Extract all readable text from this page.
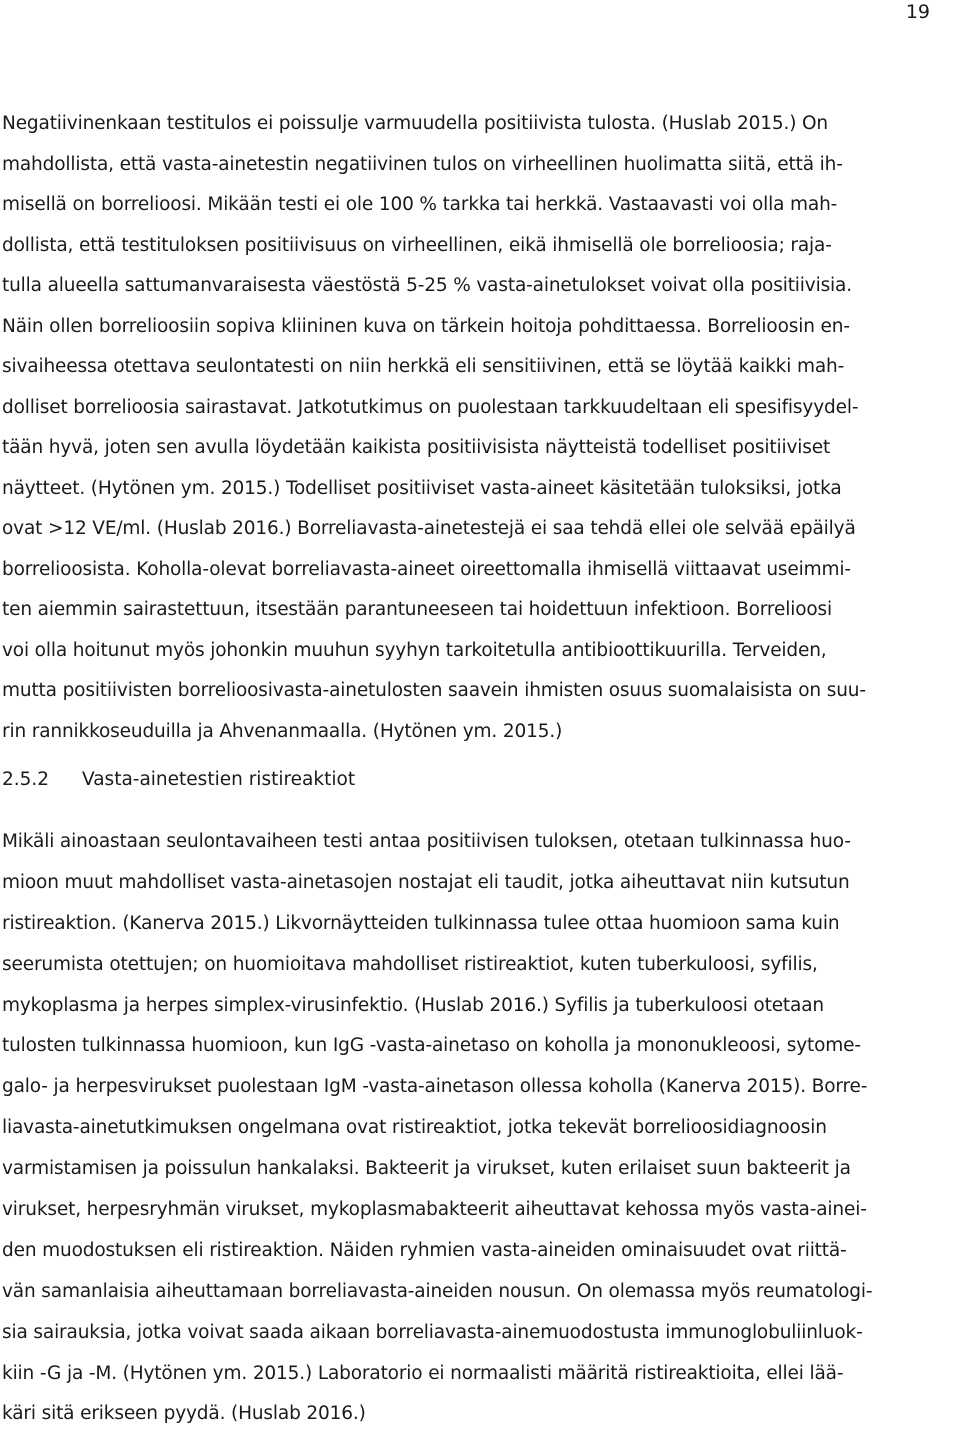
19
Negatiivinenkaan testitulos ei poissulje varmuudella positiivista tulosta. (Huslab 2015.) On
mahdollista, että vasta-ainetestin negatiivinen tulos on virheellinen huolimatta siitä, että ih-
misellä on borrelioosi. Mikään testi ei ole 100 % tarkka tai herkkä. Vastaavasti voi olla mah-
dollista, että testituloksen positiivisuus on virheellinen, eikä ihmisellä ole borrelioosia; raja-
tulla alueella sattumanvaraisesta väestöstä 5-25 % vasta-ainetulokset voivat olla positiivisia.
Näin ollen borrelioosiin sopiva kliininen kuva on tärkein hoitoja pohdittaessa. Borrelioosin en-
sivaiheessa otettava seulontatesti on niin herkkä eli sensitiivinen, että se löytää kaikki mah-
dolliset borrelioosia sairastavat. Jatkotutkimus on puolestaan tarkkuudeltaan eli spesifisyydel-
tään hyvä, joten sen avulla löydetään kaikista positiivisista näytteistä todelliset positiiviset
näytteet. (Hytönen ym. 2015.) Todelliset positiiviset vasta-aineet käsitetään tuloksiksi, jotka
ovat >12 VE/ml. (Huslab 2016.) Borreliavasta-ainetestejä ei saa tehdä ellei ole selvää epäilyä
borrelioosista. Koholla-olevat borreliavasta-aineet oireettomalla ihmisellä viittaavat useimmi-
ten aiemmin sairastettuun, itsestään parantuneeseen tai hoidettuun infektioon. Borrelioosi
voi olla hoitunut myös johonkin muuhun syyhyn tarkoitetulla antibioottikuurilla. Terveiden,
mutta positiivisten borrelioosivasta-ainetulosten saavein ihmisten osuus suomalaisista on suu-
rin rannikkoseuduilla ja Ahvenanmaalla. (Hytönen ym. 2015.)
2.5.2 Vasta-ainetestien ristireaktiot
Mikäli ainoastaan seulontavaiheen testi antaa positiivisen tuloksen, otetaan tulkinnassa huo-
mioon muut mahdolliset vasta-ainetasojen nostajat eli taudit, jotka aiheuttavat niin kutsutun
ristireaktion. (Kanerva 2015.) Likvornäytteiden tulkinnassa tulee ottaa huomioon sama kuin
seerumista otettujen; on huomioitava mahdolliset ristireaktiot, kuten tuberkuloosi, syfilis,
mykoplasma ja herpes simplex-virusinfektio. (Huslab 2016.) Syfilis ja tuberkuloosi otetaan
tulosten tulkinnassa huomioon, kun IgG -vasta-ainetaso on koholla ja mononukleoosi, sytome-
galo- ja herpesvirukset puolestaan IgM -vasta-ainetason ollessa koholla (Kanerva 2015). Borre-
liavasta-ainetutkimuksen ongelmana ovat ristireaktiot, jotka tekevät borrelioosidiagnoosin
varmistamisen ja poissulun hankalaksi. Bakteerit ja virukset, kuten erilaiset suun bakteerit ja
virukset, herpesryhmän virukset, mykoplasmabakteerit aiheuttavat kehossa myös vasta-ainei-
den muodostuksen eli ristireaktion. Näiden ryhmien vasta-aineiden ominaisuudet ovat riittä-
vän samanlaisia aiheuttamaan borreliavasta-aineiden nousun. On olemassa myös reumatologi-
sia sairauksia, jotka voivat saada aikaan borreliavasta-ainemuodostusta immunoglobuliinluok-
kiin -G ja -M. (Hytönen ym. 2015.) Laboratorio ei normaalisti määritä ristireaktioita, ellei lää-
käri sitä erikseen pyydä. (Huslab 2016.)
